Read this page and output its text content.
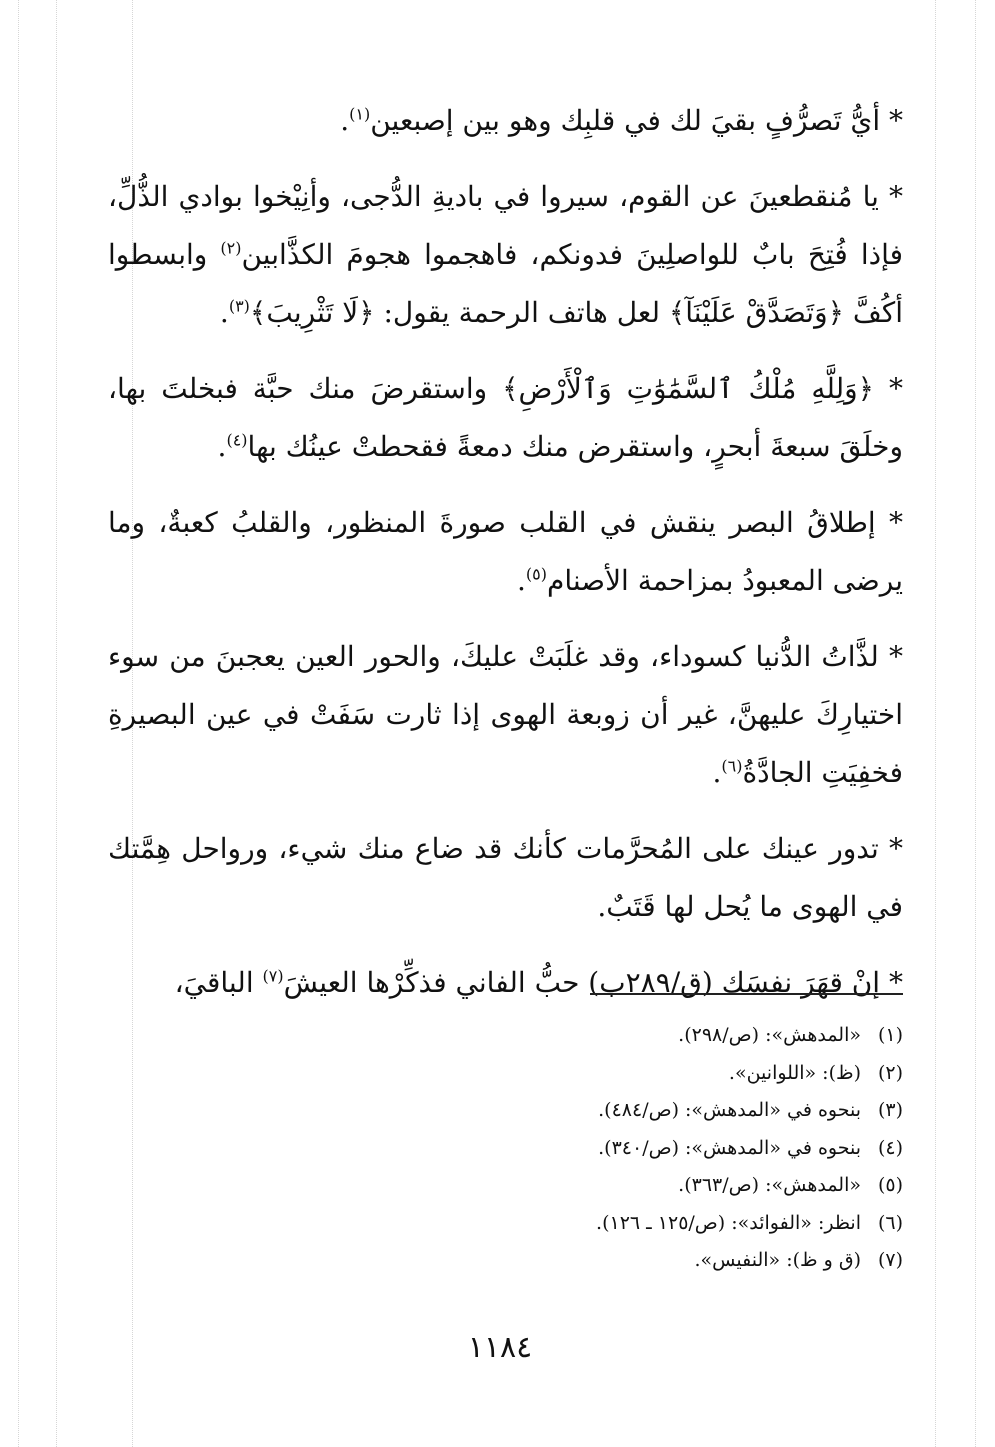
* أيُّ تَصرُّفٍ بقيَ لك في قلبِك وهو بين إصبعين$^{(١)}$.

* يا مُنقطعينَ عن القوم، سيروا في باديةِ الدُّجى، وأنِيْخوا بوادي الذُّلِّ، فإذا فُتِحَ بابٌ للواصلِينَ فدونكم، فاهجموا هجومَ الكذَّابين$^{(٢)}$ وابسطوا أكُفَّ ﴿وَتَصَدَّقْ عَلَيْنَآ﴾ لعل هاتف الرحمة يقول: ﴿لَا تَثْرِيبَ﴾$^{(٣)}$.

* ﴿وَلِلَّهِ مُلْكُ ٱلسَّمَٰوَٰتِ وَٱلْأَرْضِ﴾ واستقرضَ منك حبَّة فبخلتَ بها، وخلَقَ سبعةَ أبحرٍ، واستقرض منك دمعةً فقحطتْ عينُك بها$^{(٤)}$.

* إطلاقُ البصر ينقش في القلب صورةَ المنظور، والقلبُ كعبةٌ، وما يرضى المعبودُ بمزاحمة الأصنام$^{(٥)}$.

* لذَّاتُ الدُّنيا كسوداء، وقد غلَبَتْ عليكَ، والحور العين يعجبنَ من سوء اختيارِكَ عليهنَّ، غير أن زوبعة الهوى إذا ثارت سَفَتْ في عين البصيرةِ فخفِيَتِ الجادَّةُ$^{(٦)}$.

* تدور عينك على المُحرَّمات كأنك قد ضاع منك شيء، ورواحل هِمَّتك في الهوى ما يُحل لها قَتَبٌ.

* إنْ قهَرَ نفسَك (ق/٢٨٩ب) حبُّ الفاني فذكِّرْها العيشَ$^{(٧)}$ الباقيَ،

(١)«المدهش»: (ص/٢٩٨).
(٢)(ظ): «اللوانين».
(٣)بنحوه في «المدهش»: (ص/٤٨٤).
(٤)بنحوه في «المدهش»: (ص/٣٤٠).
(٥)«المدهش»: (ص/٣٦٣).
(٦)انظر: «الفوائد»: (ص/١٢٥ ـ ١٢٦).
(٧)(ق و ظ): «النفيس».
١١٨٤
